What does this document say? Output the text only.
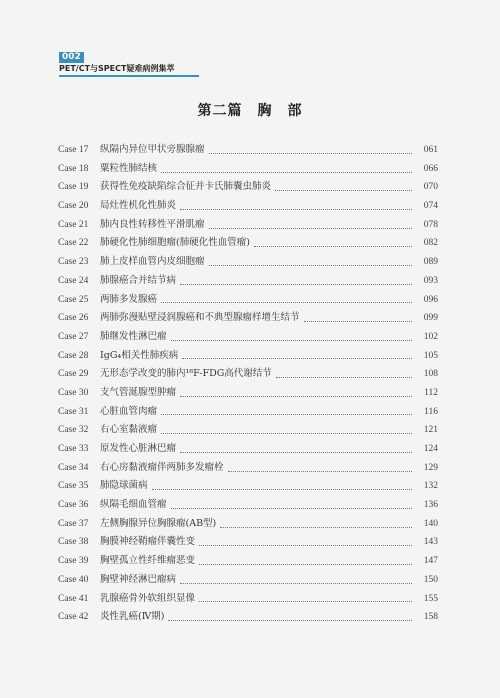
002
PET/CT与SPECT疑难病例集萃
第二篇　胸　部
Case 17	纵隔内异位甲状旁腺腺瘤	061
Case 18	粟粒性肺结核	066
Case 19	获得性免疫缺陷综合征并卡氏肺囊虫肺炎	070
Case 20	局灶性机化性肺炎	074
Case 21	肺内良性转移性平滑肌瘤	078
Case 22	肺硬化性肺细胞瘤(肺硬化性血管瘤)	082
Case 23	肺上皮样血管内皮细胞瘤	089
Case 24	肺腺癌合并结节病	093
Case 25	两肺多发腺癌	096
Case 26	两肺弥漫贴壁浸润腺癌和不典型腺瘤样增生结节	099
Case 27	肺继发性淋巴瘤	102
Case 28	IgG₄相关性肺疾病	105
Case 29	无形态学改变的肺内¹⁸F-FDG高代谢结节	108
Case 30	支气管涎腺型肿瘤	112
Case 31	心脏血管肉瘤	116
Case 32	右心室黏液瘤	121
Case 33	原发性心脏淋巴瘤	124
Case 34	右心房黏液瘤伴两肺多发瘤栓	129
Case 35	肺隐球菌病	132
Case 36	纵隔毛细血管瘤	136
Case 37	左侧胸腺异位胸腺瘤(AB型)	140
Case 38	胸膜神经鞘瘤伴囊性变	143
Case 39	胸壁孤立性纤维瘤恶变	147
Case 40	胸壁神经淋巴瘤病	150
Case 41	乳腺癌骨外软组织显像	155
Case 42	炎性乳癌(Ⅳ期)	158
